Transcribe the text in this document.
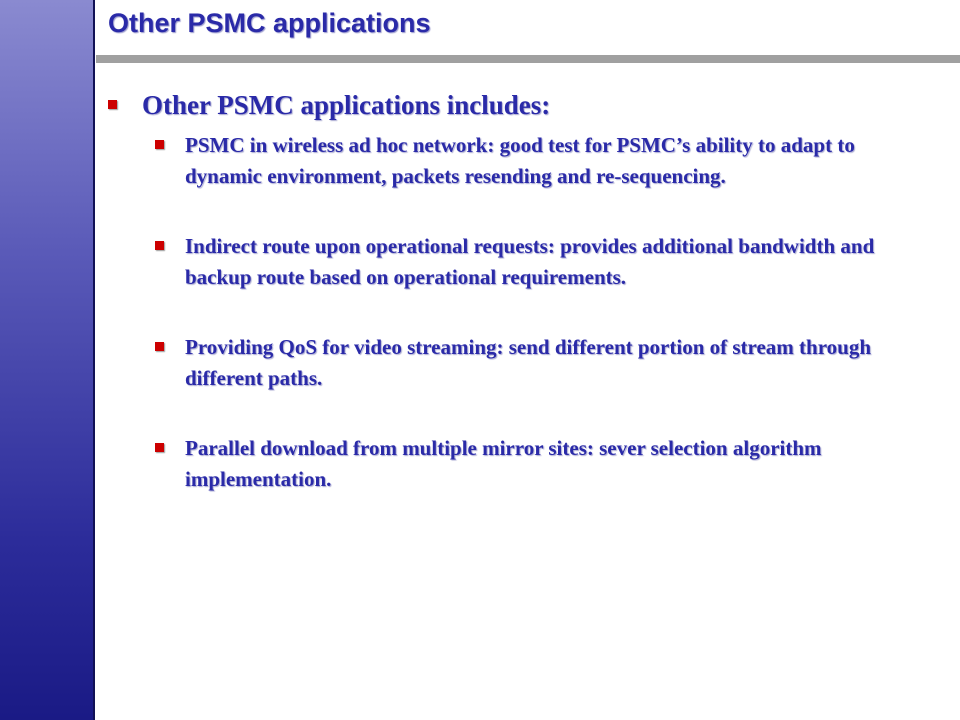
Other PSMC applications
Other PSMC applications includes:
PSMC in wireless ad hoc network: good test for PSMC’s ability to adapt to dynamic environment, packets resending and re-sequencing.
Indirect route upon operational requests: provides additional bandwidth and backup route based on operational requirements.
Providing QoS for video streaming: send different portion of stream through different paths.
Parallel download from multiple mirror sites: sever selection algorithm implementation.
